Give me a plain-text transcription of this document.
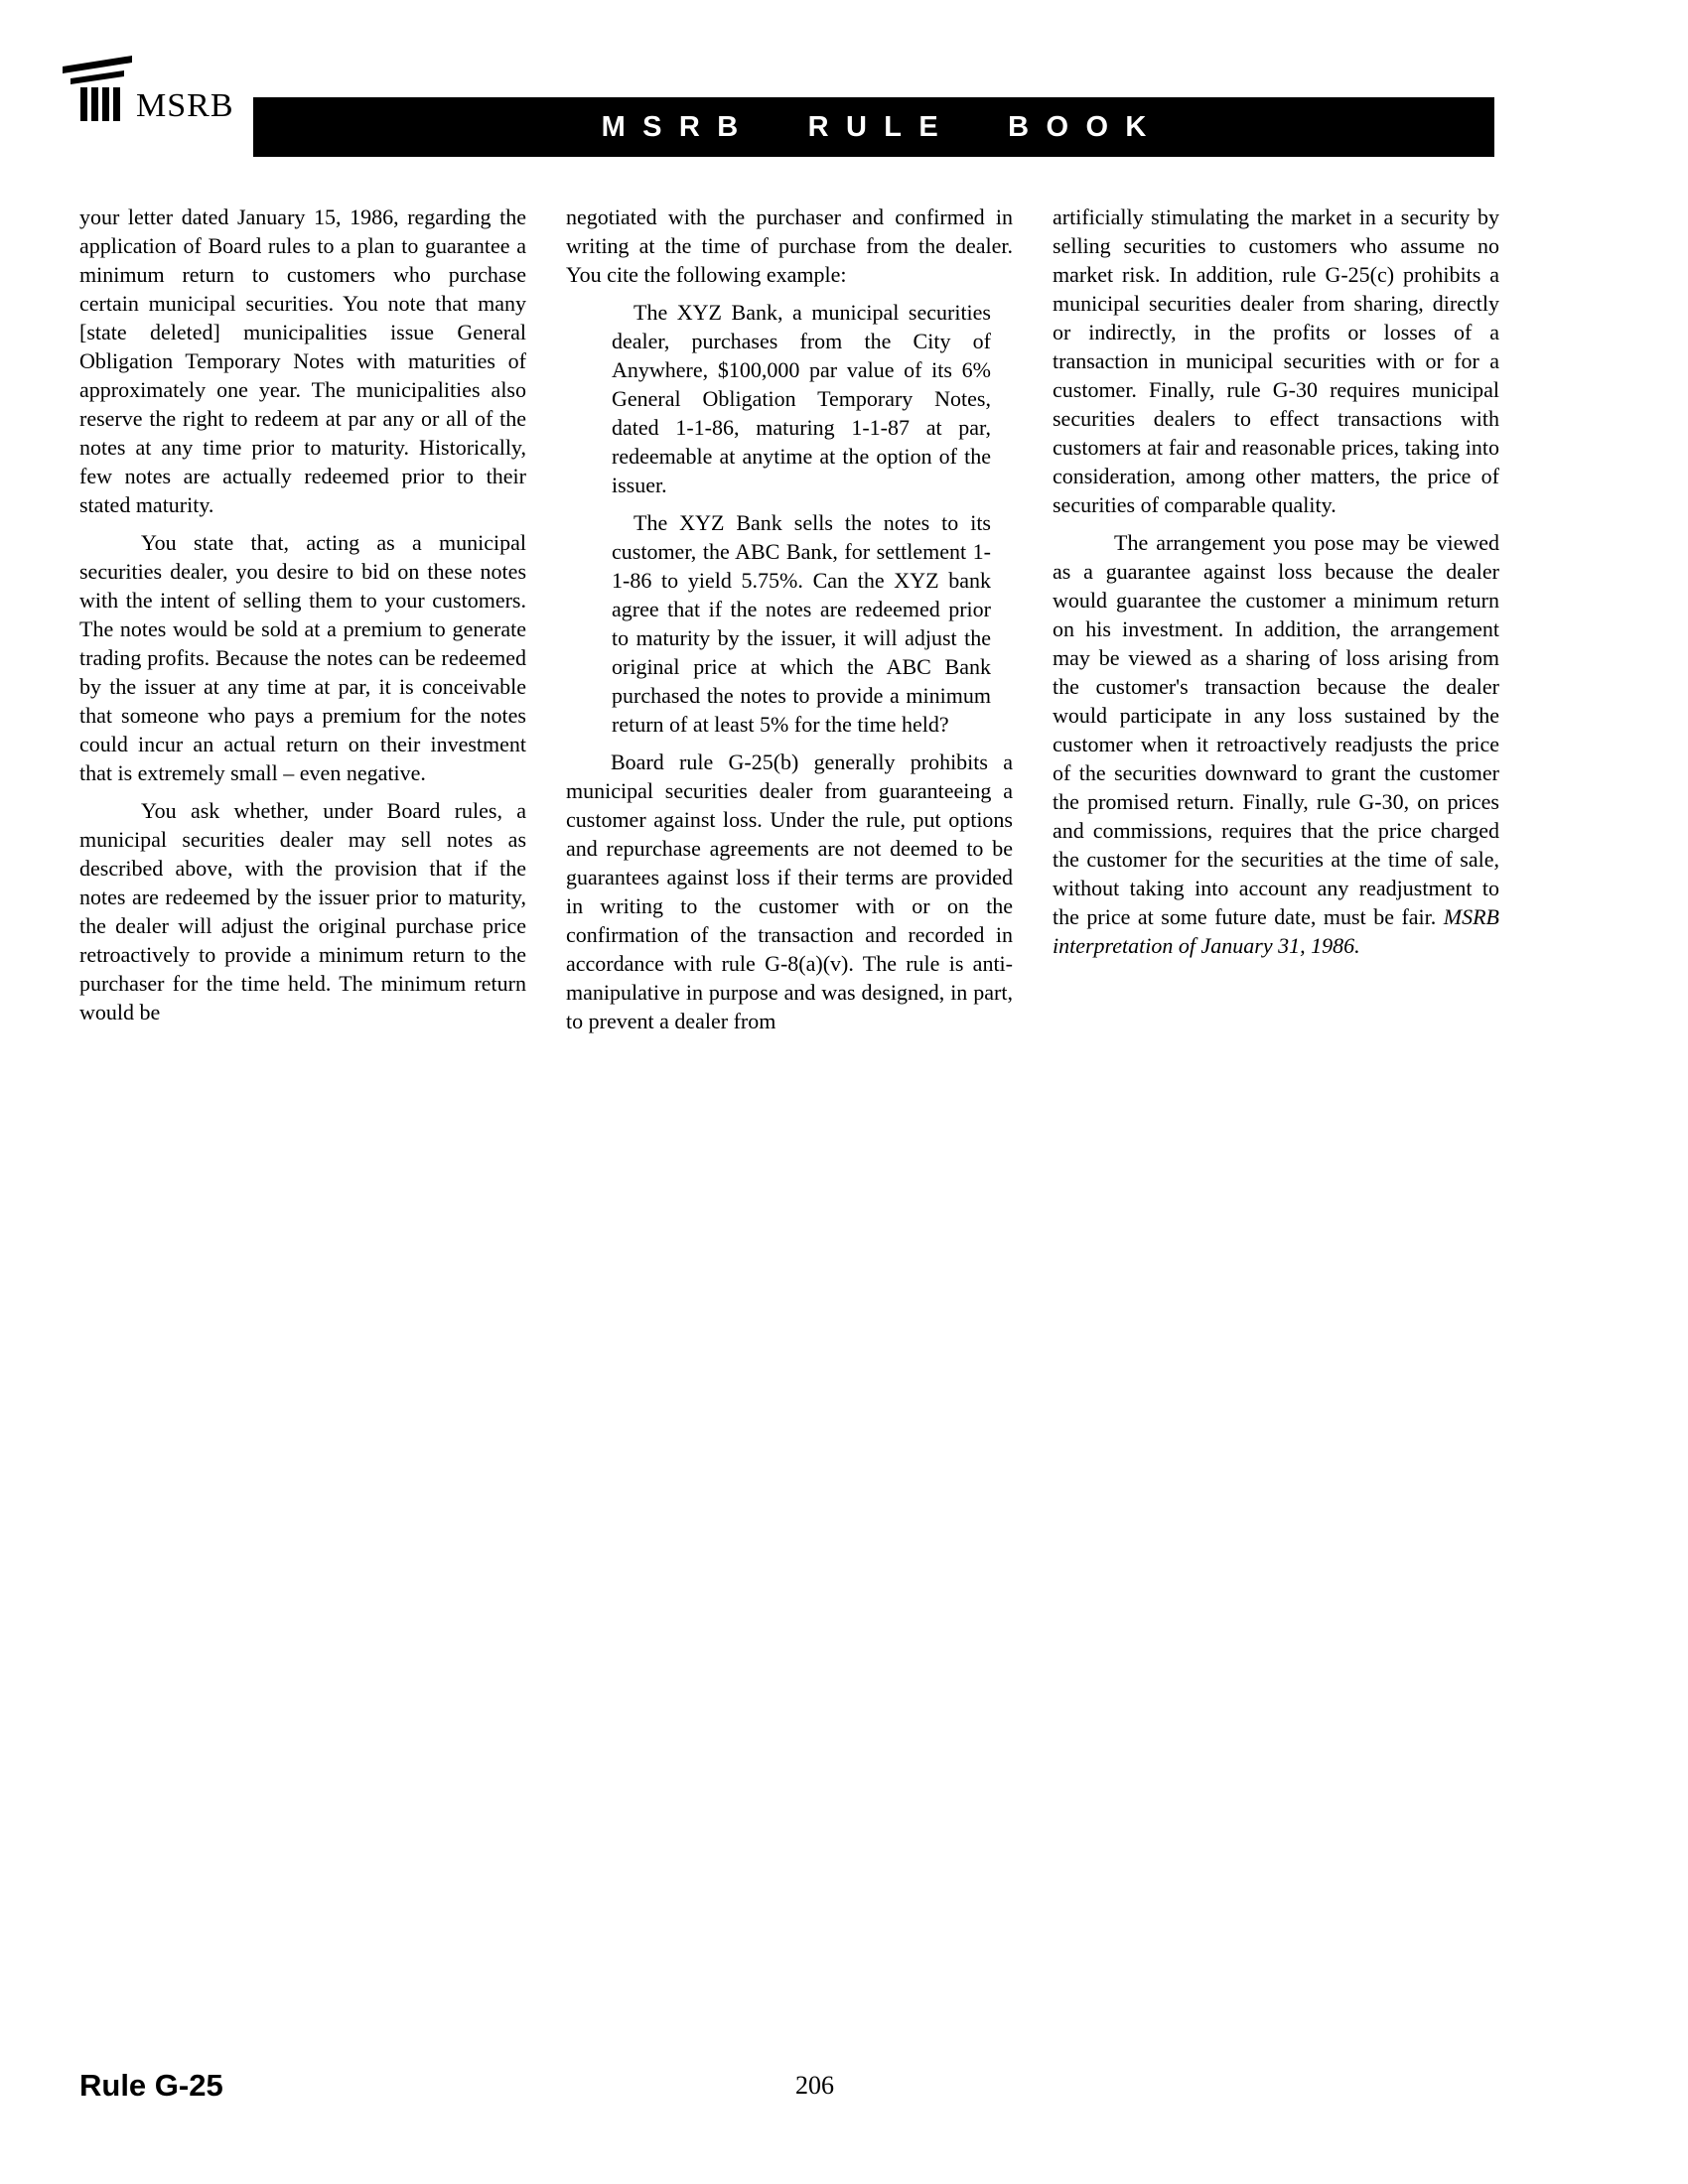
MSRB
MSRB RULE BOOK

your letter dated January 15, 1986, regarding the application of Board rules to a plan to guarantee a minimum return to customers who purchase certain municipal securities. You note that many [state deleted] municipalities issue General Obligation Temporary Notes with maturities of approximately one year. The municipalities also reserve the right to redeem at par any or all of the notes at any time prior to maturity. Historically, few notes are actually redeemed prior to their stated maturity.

You state that, acting as a municipal securities dealer, you desire to bid on these notes with the intent of selling them to your customers. The notes would be sold at a premium to generate trading profits. Because the notes can be redeemed by the issuer at any time at par, it is conceivable that someone who pays a premium for the notes could incur an actual return on their investment that is extremely small – even negative.

You ask whether, under Board rules, a municipal securities dealer may sell notes as described above, with the provision that if the notes are redeemed by the issuer prior to maturity, the dealer will adjust the original purchase price retroactively to provide a minimum return to the purchaser for the time held. The minimum return would be

negotiated with the purchaser and confirmed in writing at the time of purchase from the dealer. You cite the following example:

The XYZ Bank, a municipal securities dealer, purchases from the City of Anywhere, $100,000 par value of its 6% General Obligation Temporary Notes, dated 1-1-86, maturing 1-1-87 at par, redeemable at anytime at the option of the issuer.

The XYZ Bank sells the notes to its customer, the ABC Bank, for settlement 1-1-86 to yield 5.75%. Can the XYZ bank agree that if the notes are redeemed prior to maturity by the issuer, it will adjust the original price at which the ABC Bank purchased the notes to provide a minimum return of at least 5% for the time held?

Board rule G-25(b) generally prohibits a municipal securities dealer from guaranteeing a customer against loss. Under the rule, put options and repurchase agreements are not deemed to be guarantees against loss if their terms are provided in writing to the customer with or on the confirmation of the transaction and recorded in accordance with rule G-8(a)(v). The rule is anti-manipulative in purpose and was designed, in part, to prevent a dealer from

artificially stimulating the market in a security by selling securities to customers who assume no market risk. In addition, rule G-25(c) prohibits a municipal securities dealer from sharing, directly or indirectly, in the profits or losses of a transaction in municipal securities with or for a customer. Finally, rule G-30 requires municipal securities dealers to effect transactions with customers at fair and reasonable prices, taking into consideration, among other matters, the price of securities of comparable quality.

The arrangement you pose may be viewed as a guarantee against loss because the dealer would guarantee the customer a minimum return on his investment. In addition, the arrangement may be viewed as a sharing of loss arising from the customer's transaction because the dealer would participate in any loss sustained by the customer when it retroactively readjusts the price of the securities downward to grant the customer the promised return. Finally, rule G-30, on prices and commissions, requires that the price charged the customer for the securities at the time of sale, without taking into account any readjustment to the price at some future date, must be fair. MSRB interpretation of January 31, 1986.

Rule G-25	206
